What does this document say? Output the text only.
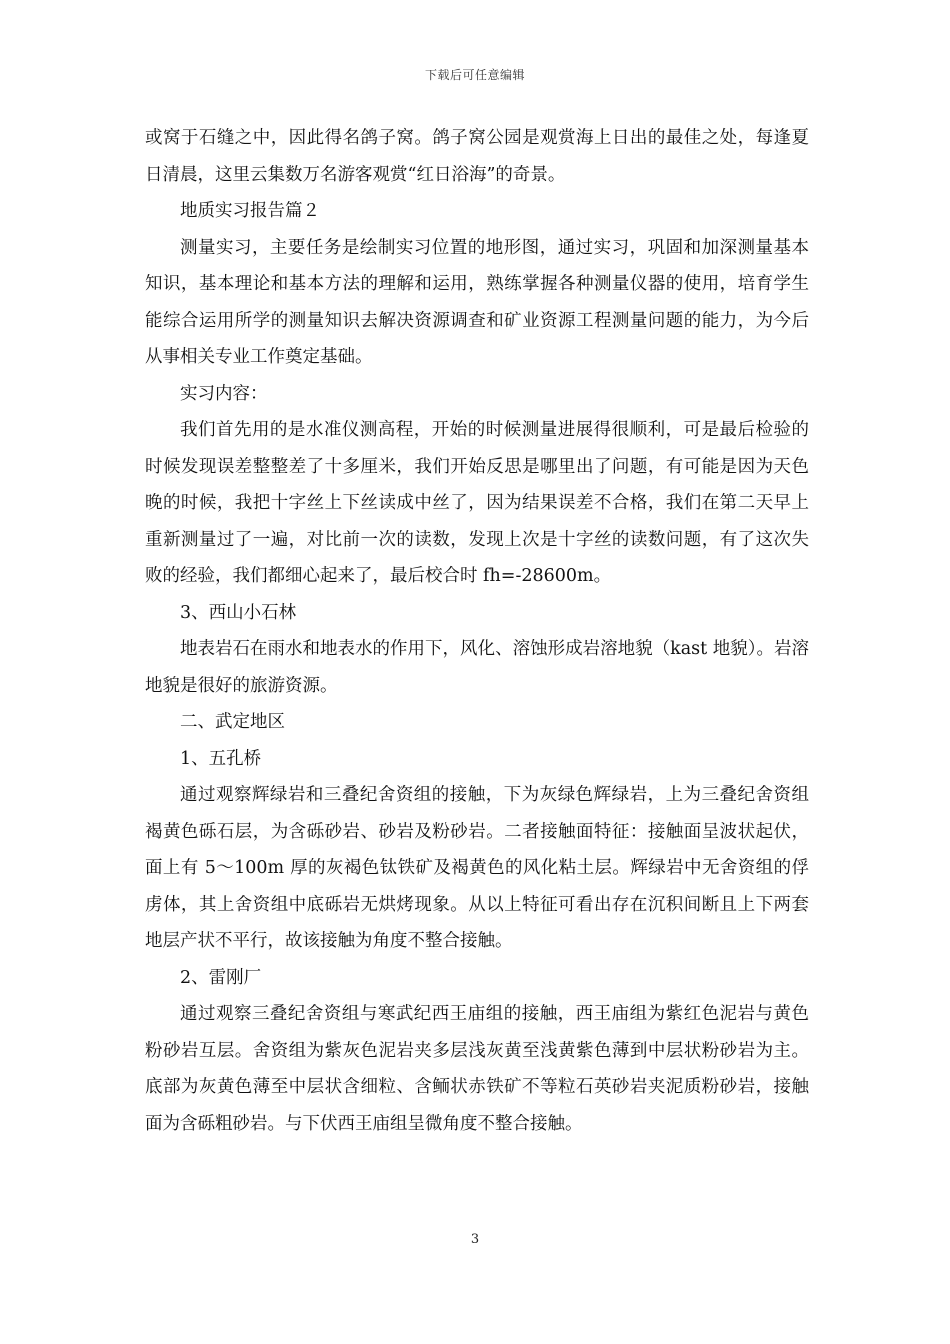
下载后可任意编辑

或窝于石缝之中，因此得名鸽子窝。鸽子窝公园是观赏海上日出的最佳之处，每逢夏日清晨，这里云集数万名游客观赏“红日浴海”的奇景。

地质实习报告篇２

测量实习，主要任务是绘制实习位置的地形图，通过实习，巩固和加深测量基本知识，基本理论和基本方法的理解和运用，熟练掌握各种测量仪器的使用，培育学生能综合运用所学的测量知识去解决资源调查和矿业资源工程测量问题的能力，为今后从事相关专业工作奠定基础。

实习内容：

我们首先用的是水准仪测高程，开始的时候测量进展得很顺利，可是最后检验的时候发现误差整整差了十多厘米，我们开始反思是哪里出了问题，有可能是因为天色晚的时候，我把十字丝上下丝读成中丝了，因为结果误差不合格，我们在第二天早上重新测量过了一遍，对比前一次的读数，发现上次是十字丝的读数问题，有了这次失败的经验，我们都细心起来了，最后校合时 fh=-28600m。

3、西山小石林

地表岩石在雨水和地表水的作用下，风化、溶蚀形成岩溶地貌（kast 地貌）。岩溶地貌是很好的旅游资源。

二、武定地区

1、五孔桥

通过观察辉绿岩和三叠纪舍资组的接触，下为灰绿色辉绿岩，上为三叠纪舍资组褐黄色砾石层，为含砾砂岩、砂岩及粉砂岩。二者接触面特征：接触面呈波状起伏，面上有 5～100m 厚的灰褐色钛铁矿及褐黄色的风化粘土层。辉绿岩中无舍资组的俘虏体，其上舍资组中底砾岩无烘烤现象。从以上特征可看出存在沉积间断且上下两套地层产状不平行，故该接触为角度不整合接触。

2、雷刚厂

通过观察三叠纪舍资组与寒武纪西王庙组的接触，西王庙组为紫红色泥岩与黄色粉砂岩互层。舍资组为紫灰色泥岩夹多层浅灰黄至浅黄紫色薄到中层状粉砂岩为主。底部为灰黄色薄至中层状含细粒、含鲕状赤铁矿不等粒石英砂岩夹泥质粉砂岩，接触面为含砾粗砂岩。与下伏西王庙组呈微角度不整合接触。

3
